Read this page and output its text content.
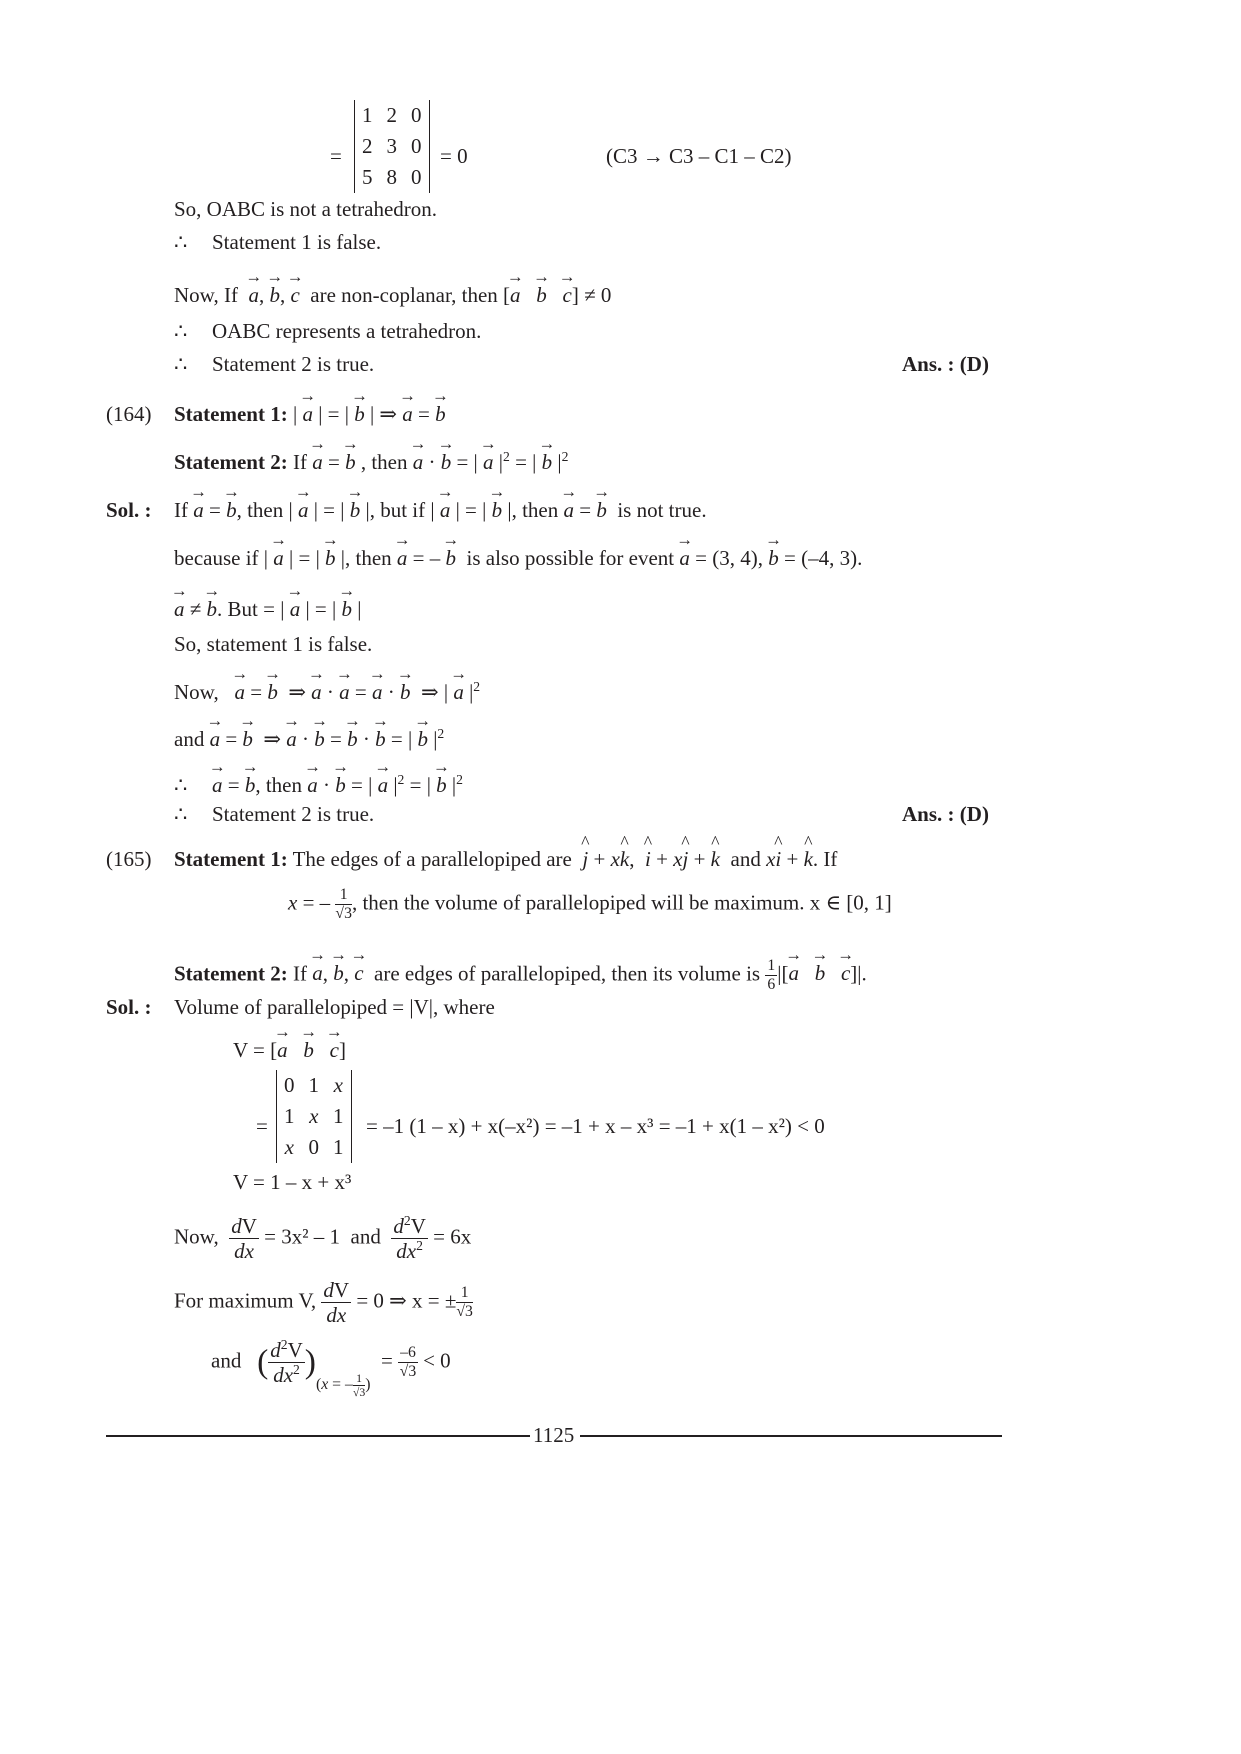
=
1	2	0
2	3	0
5	8	0
= 0	(C3 → C3 – C1 – C2)
So, OABC is not a tetrahedron.
∴ Statement 1 is false.
Now, If → a, → b, → c are non-coplanar, then [→ a → b → c] ≠ 0
∴ OABC represents a tetrahedron.
∴ Statement 2 is true.	Ans. : (D)
(164) Statement 1: | → a | = | → b | ⇒ → a = → b
Statement 2: If → a = → b , then → a · → b = | → a $|^2$ = | → b $|^2$
Sol. : If → a = → b, then | → a | = | → b |, but if | → a | = | → b |, then → a = → b is not true.
because if | → a | = | → b |, then → a = – → b is also possible for event → a = (3, 4), → b = (–4, 3).
→ a ≠ → b. But = | → a | = | → b |
So, statement 1 is false.
Now, → a = → b  ⇒ → a · → a = → a · → b  ⇒ | → a $|^2$
and → a = → b  ⇒ → a · → b = → b · → b = | → b $|^2$
∴ → a = → b, then → a · → b = | → a $|^2$ = | → b $|^2$
∴ Statement 2 is true.	Ans. : (D)
(165) Statement 1: The edges of a parallelopiped are ^ j + x^ k,  ^ i + x^ j + ^ k and x^ i + ^ k. If
x = – $\frac{1}{√3}$ , then the volume of parallelopiped will be maximum. x ∈ [0, 1]
Statement 2: If → a, → b, → c are edges of parallelopiped, then its volume is $\frac{1}{6}$ |[→ a → b → c]|.
Sol. : Volume of parallelopiped = |V|, where
V = [→ a → b → c]
=
0	1	x
1	x	1
x	0	1
= –1 (1 – x) + x(–x²) = –1 + x – x³ = –1 + x(1 – x²) < 0
V = 1 – x + x³
Now, $\frac{dV}{dx} = 3x^2 - 1$ and $\frac{d^2V}{dx^2} = 6x$
For maximum V, $\frac{dV}{dx} = 0$ ⇒ x = ± $\frac{1}{√3}$
and ( $\frac{d^2V}{dx^2} )_{(x = - \frac{1}{√3} )} = \frac{-6}{√3} < 0$
1125
